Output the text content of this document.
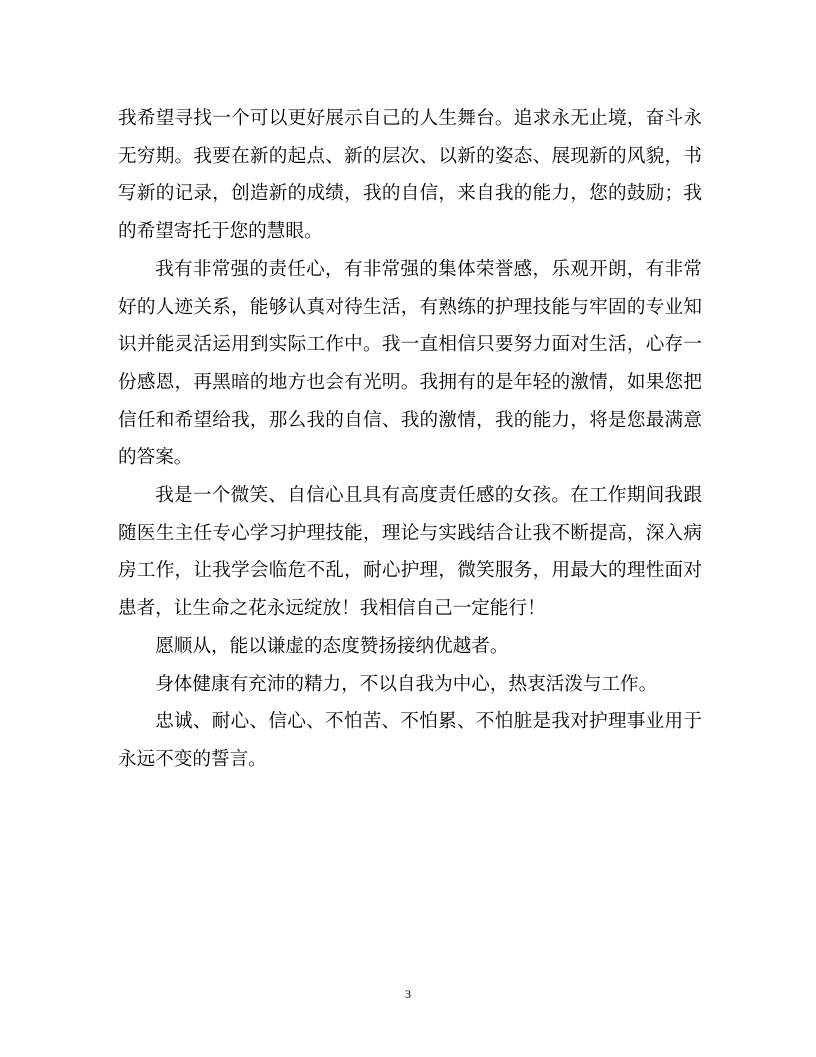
我希望寻找一个可以更好展示自己的人生舞台。追求永无止境，奋斗永无穷期。我要在新的起点、新的层次、以新的姿态、展现新的风貌，书写新的记录，创造新的成绩，我的自信，来自我的能力，您的鼓励；我的希望寄托于您的慧眼。

我有非常强的责任心，有非常强的集体荣誉感，乐观开朗，有非常好的人迹关系，能够认真对待生活，有熟练的护理技能与牢固的专业知识并能灵活运用到实际工作中。我一直相信只要努力面对生活，心存一份感恩，再黑暗的地方也会有光明。我拥有的是年轻的激情，如果您把信任和希望给我，那么我的自信、我的激情，我的能力，将是您最满意的答案。

我是一个微笑、自信心且具有高度责任感的女孩。在工作期间我跟随医生主任专心学习护理技能，理论与实践结合让我不断提高，深入病房工作，让我学会临危不乱，耐心护理，微笑服务，用最大的理性面对患者，让生命之花永远绽放！我相信自己一定能行！

愿顺从，能以谦虚的态度赞扬接纳优越者。

身体健康有充沛的精力，不以自我为中心，热衷活泼与工作。

忠诚、耐心、信心、不怕苦、不怕累、不怕脏是我对护理事业用于永远不变的誓言。

3
